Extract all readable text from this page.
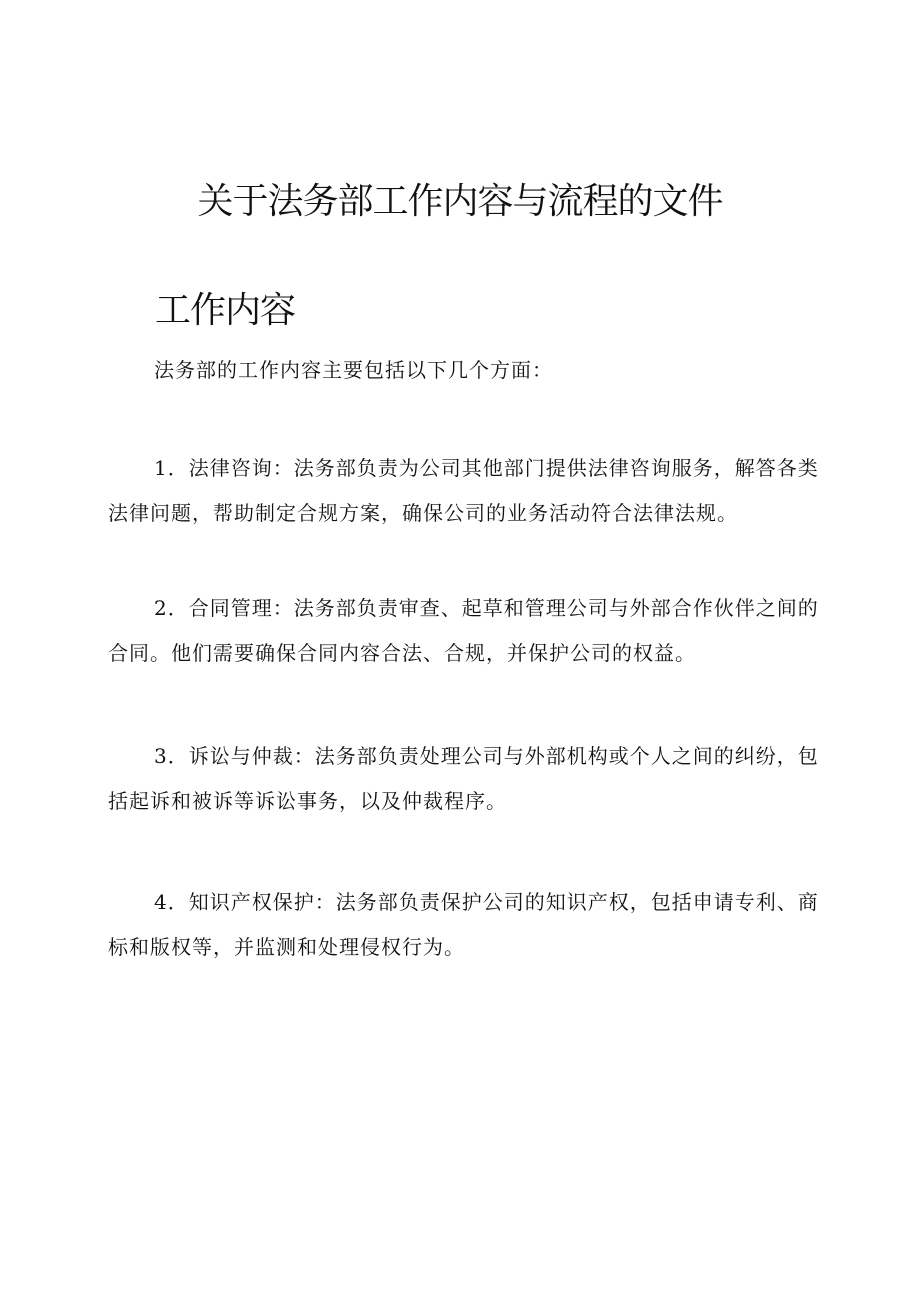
关于法务部工作内容与流程的文件
工作内容

法务部的工作内容主要包括以下几个方面：

1．法律咨询：法务部负责为公司其他部门提供法律咨询服务，解答各类法律问题，帮助制定合规方案，确保公司的业务活动符合法律法规。

2．合同管理：法务部负责审查、起草和管理公司与外部合作伙伴之间的合同。他们需要确保合同内容合法、合规，并保护公司的权益。

3．诉讼与仲裁：法务部负责处理公司与外部机构或个人之间的纠纷，包括起诉和被诉等诉讼事务，以及仲裁程序。

4．知识产权保护：法务部负责保护公司的知识产权，包括申请专利、商标和版权等，并监测和处理侵权行为。
